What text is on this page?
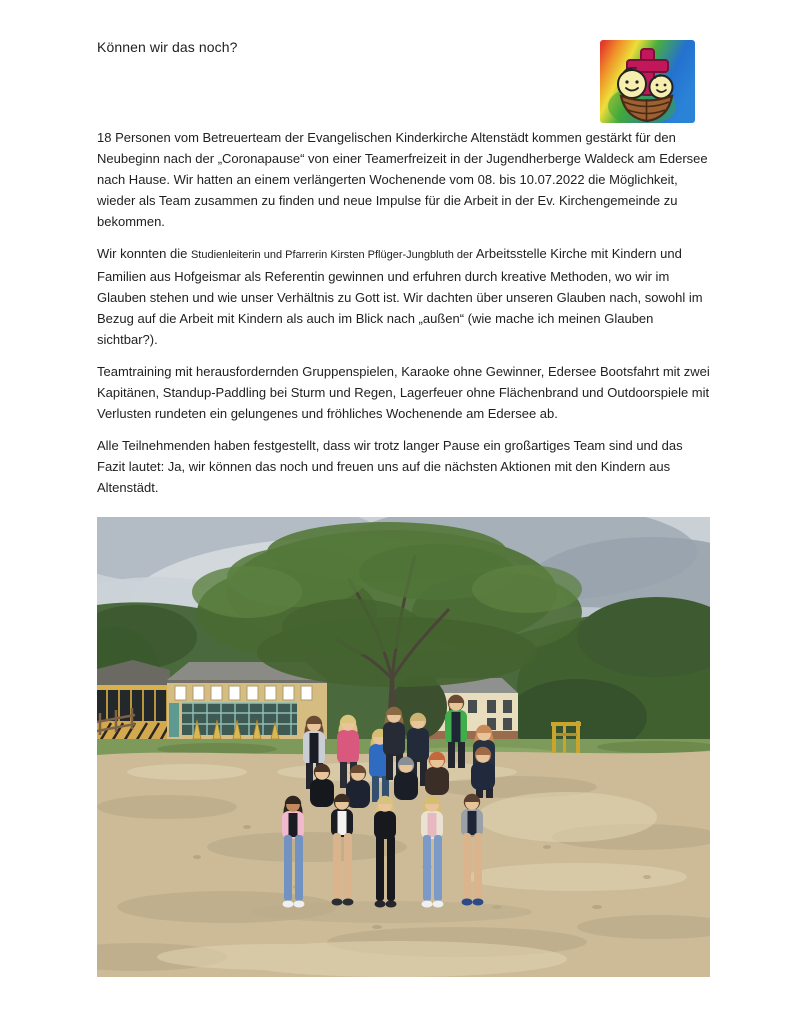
Können wir das noch?

18 Personen vom Betreuerteam der Evangelischen Kinderkirche Altenstädt kommen gestärkt für den Neubeginn nach der „Coronapause“ von einer Teamerfreizeit in der Jugendherberge Waldeck am Edersee nach Hause. Wir hatten an einem verlängerten Wochenende vom 08. bis 10.07.2022 die Möglichkeit, wieder als Team zusammen zu finden und neue Impulse für die Arbeit in der Ev. Kirchengemeinde zu bekommen.

Wir konnten die Studienleiterin und Pfarrerin Kirsten Pflüger-Jungbluth der Arbeitsstelle Kirche mit Kindern und Familien aus Hofgeismar als Referentin gewinnen und erfuhren durch kreative Methoden, wo wir im Glauben stehen und wie unser Verhältnis zu Gott ist. Wir dachten über unseren Glauben nach, sowohl im Bezug auf die Arbeit mit Kindern als auch im Blick nach „außen“ (wie mache ich meinen Glauben sichtbar?).

Teamtraining mit herausfordernden Gruppenspielen, Karaoke ohne Gewinner, Edersee Bootsfahrt mit zwei Kapitänen, Standup-Paddling bei Sturm und Regen, Lagerfeuer ohne Flächenbrand und Outdoorspiele mit Verlusten rundeten ein gelungenes und fröhliches Wochenende am Edersee ab.

Alle Teilnehmenden haben festgestellt, dass wir trotz langer Pause ein großartiges Team sind und das Fazit lautet: Ja, wir können das noch und freuen uns auf die nächsten Aktionen mit den Kindern aus Altenstädt.
